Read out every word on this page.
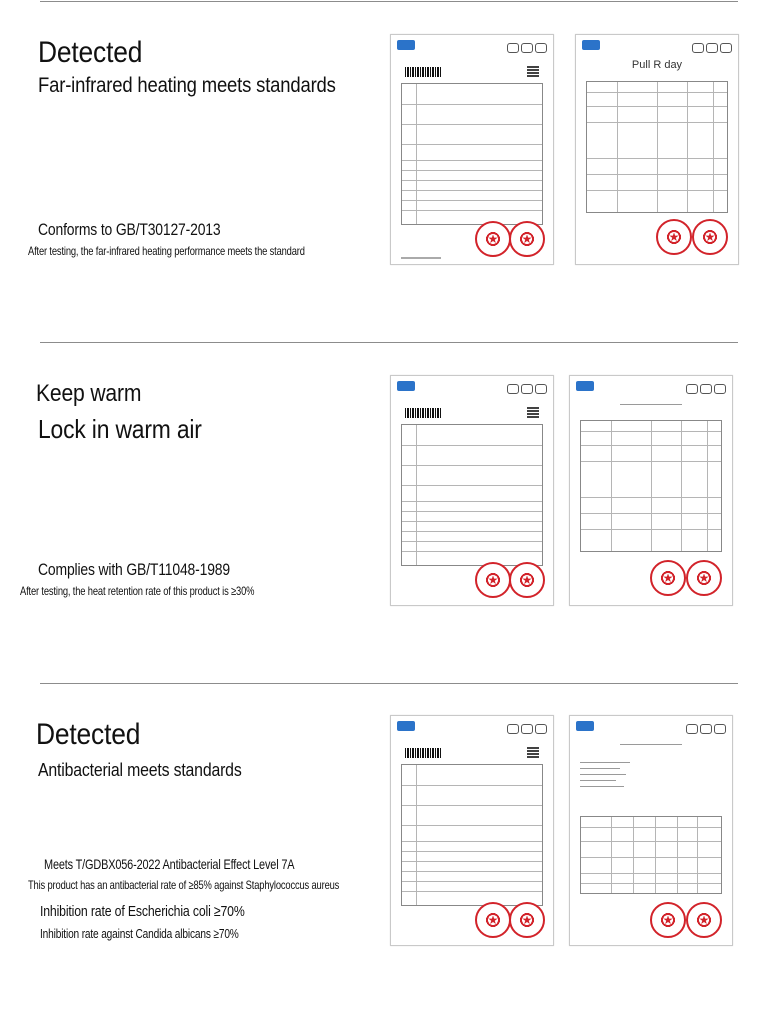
Detected
Far-infrared heating meets standards
Conforms to GB/T30127-2013
After testing, the far-infrared heating performance meets the standard
★
★
Pull R day
★
★
Keep warm
Lock in warm air
Complies with GB/T11048-1989
After testing, the heat retention rate of this product is ≥30%
★
★
★
★
Detected
Antibacterial meets standards
Meets T/GDBX056-2022 Antibacterial Effect Level 7A
This product has an antibacterial rate of ≥85% against Staphylococcus aureus
Inhibition rate of Escherichia coli ≥70%
Inhibition rate against Candida albicans ≥70%
★
★
★
★
